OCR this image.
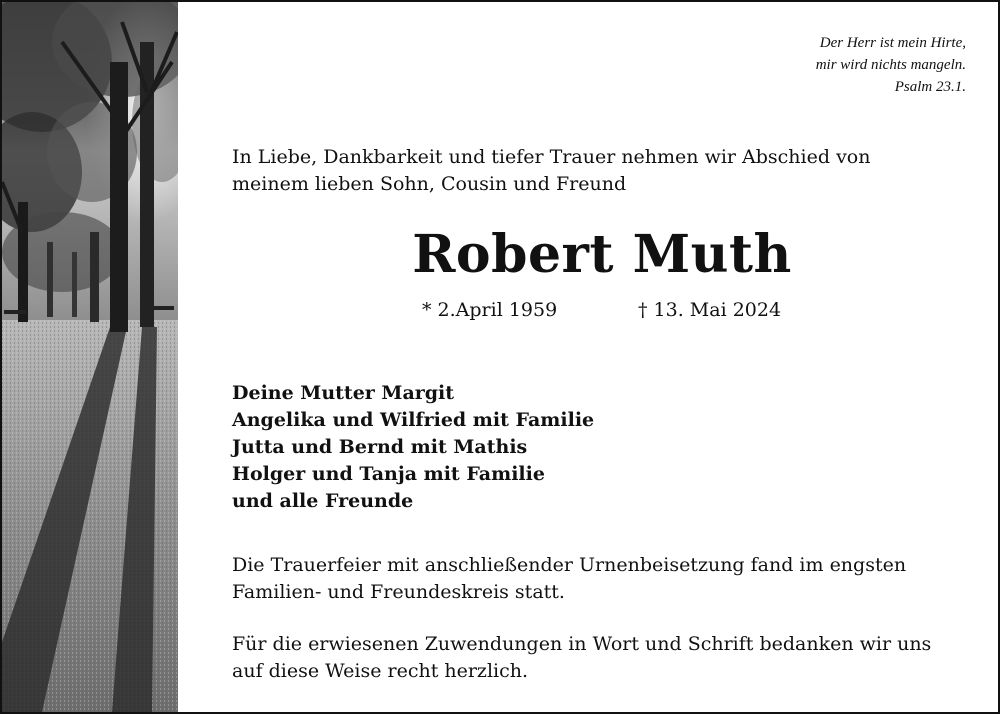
Der Herr ist mein Hirte,
mir wird nichts mangeln.
Psalm 23.1.
In Liebe, Dankbarkeit und tiefer Trauer nehmen wir Abschied von
meinem lieben Sohn, Cousin und Freund
Robert Muth
* 2.April 1959	† 13. Mai 2024
Deine Mutter Margit
Angelika und Wilfried mit Familie
Jutta und Bernd mit Mathis
Holger und Tanja mit Familie
und alle Freunde
Die Trauerfeier mit anschließender Urnenbeisetzung fand im engsten
Familien- und Freundeskreis statt.
Für die erwiesenen Zuwendungen in Wort und Schrift bedanken wir uns
auf diese Weise recht herzlich.
